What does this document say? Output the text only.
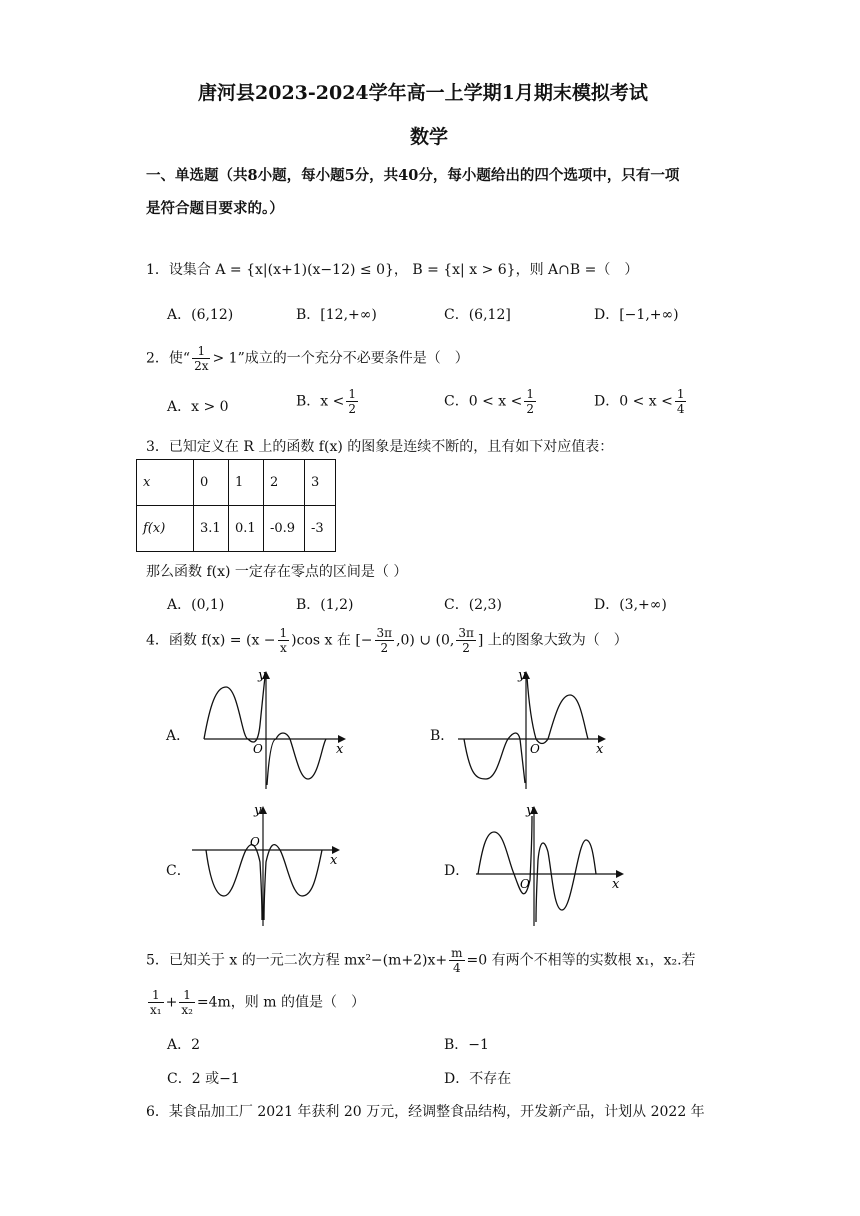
唐河县2023-2024学年高一上学期1月期末模拟考试
数学
一、单选题（共8小题，每小题5分，共40分，每小题给出的四个选项中，只有一项
是符合题目要求的。）
1．设集合 A = {x|(x+1)(x−12) ≤ 0}， B = {x| x > 6}，则 A∩B =（　）
A．(6,12)	B．[12,+∞)	C．(6,12]	D．[−1,+∞)
2．使“ $\frac{1}{2x} > 1$”成立的一个充分不必要条件是（　）
A．x > 0	B．$x < \frac{1}{2}$	C．$0 < x < \frac{1}{2}$	D．$0 < x < \frac{1}{4}$
3．已知定义在 R 上的函数 f(x) 的图象是连续不断的，且有如下对应值表：
x	0	1	2	3
f(x)	3.1	0.1	-0.9	-3
那么函数 f(x) 一定存在零点的区间是（ ）
A．(0,1)	B．(1,2)	C．(2,3)	D．(3,+∞)
4．函数 $f(x) = (x - \frac{1}{x} )\cos$ x 在 [− $\frac{3\pi}{2} ,0$) ∪ (0, $\frac{3\pi}{2}$ ] 上的图象大致为（　）
A．	B．
C．	D．
y
x
O
y
x
O
y
x
O
y
x
O
5．已知关于 x 的一元二次方程 $mx^2-(m+2)x+ \frac{m}{4} =0$ 有两个不相等的实数根 x₁，x₂.若
$\frac{1}{\text{x₁}} + \frac{1}{\text{x₂}} =4m$，则 m 的值是（　）
A．2	B．−1
C．2 或−1	D．不存在
6．某食品加工厂 2021 年获利 20 万元，经调整食品结构，开发新产品，计划从 2022 年
